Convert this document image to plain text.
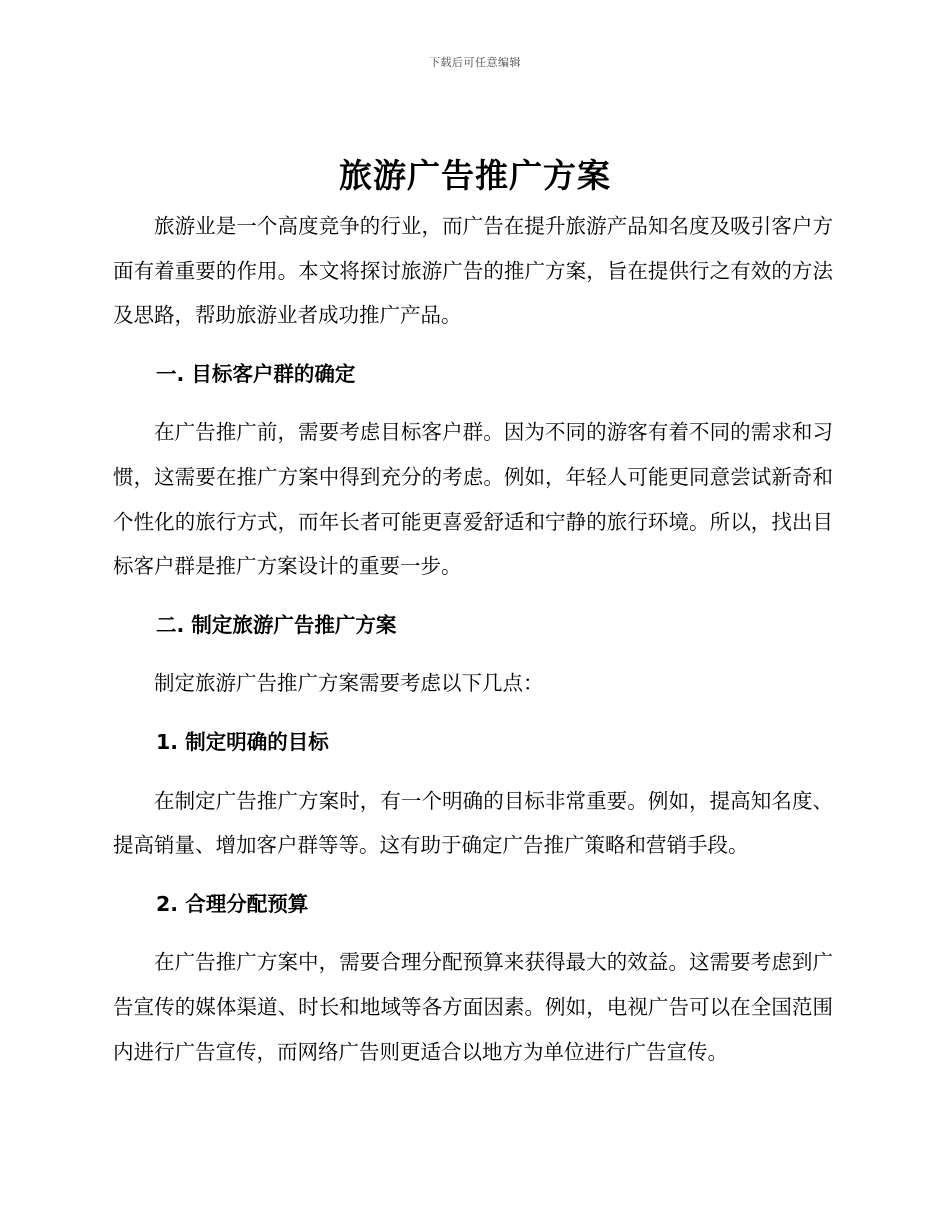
下载后可任意编辑
旅游广告推广方案

旅游业是一个高度竞争的行业，而广告在提升旅游产品知名度及吸引客户方面有着重要的作用。本文将探讨旅游广告的推广方案，旨在提供行之有效的方法及思路，帮助旅游业者成功推广产品。

一. 目标客户群的确定

在广告推广前，需要考虑目标客户群。因为不同的游客有着不同的需求和习惯，这需要在推广方案中得到充分的考虑。例如，年轻人可能更同意尝试新奇和个性化的旅行方式，而年长者可能更喜爱舒适和宁静的旅行环境。所以，找出目标客户群是推广方案设计的重要一步。

二. 制定旅游广告推广方案

制定旅游广告推广方案需要考虑以下几点：

1. 制定明确的目标

在制定广告推广方案时，有一个明确的目标非常重要。例如，提高知名度、提高销量、增加客户群等等。这有助于确定广告推广策略和营销手段。

2. 合理分配预算

在广告推广方案中，需要合理分配预算来获得最大的效益。这需要考虑到广告宣传的媒体渠道、时长和地域等各方面因素。例如，电视广告可以在全国范围内进行广告宣传，而网络广告则更适合以地方为单位进行广告宣传。
